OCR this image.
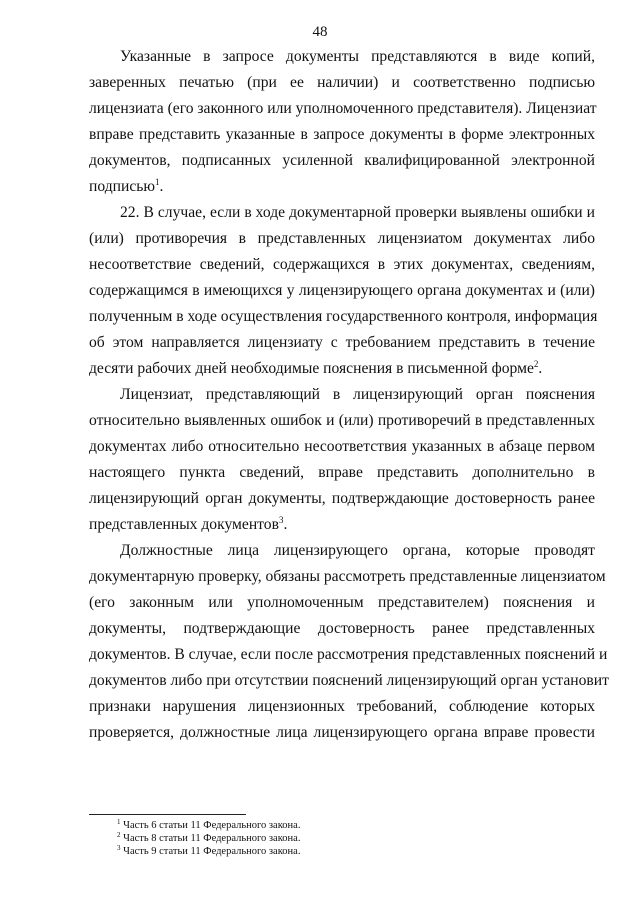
48
Указанные в запросе документы представляются в виде копий,
заверенных печатью (при ее наличии) и соответственно подписью
лицензиата (его законного или уполномоченного представителя). Лицензиат
вправе представить указанные в запросе документы в форме электронных
документов, подписанных усиленной квалифицированной электронной
подписью$^1$.
22. В случае, если в ходе документарной проверки выявлены ошибки и
(или) противоречия в представленных лицензиатом документах либо
несоответствие сведений, содержащихся в этих документах, сведениям,
содержащимся в имеющихся у лицензирующего органа документах и (или)
полученным в ходе осуществления государственного контроля, информация
об этом направляется лицензиату с требованием представить в течение
десяти рабочих дней необходимые пояснения в письменной форме$^2$.
Лицензиат, представляющий в лицензирующий орган пояснения
относительно выявленных ошибок и (или) противоречий в представленных
документах либо относительно несоответствия указанных в абзаце первом
настоящего пункта сведений, вправе представить дополнительно в
лицензирующий орган документы, подтверждающие достоверность ранее
представленных документов$^3$.
Должностные лица лицензирующего органа, которые проводят
документарную проверку, обязаны рассмотреть представленные лицензиатом
(его законным или уполномоченным представителем) пояснения и
документы, подтверждающие достоверность ранее представленных
документов. В случае, если после рассмотрения представленных пояснений и
документов либо при отсутствии пояснений лицензирующий орган установит
признаки нарушения лицензионных требований, соблюдение которых
проверяется, должностные лица лицензирующего органа вправе провести
$^1$ Часть 6 статьи 11 Федерального закона.
$^2$ Часть 8 статьи 11 Федерального закона.
$^3$ Часть 9 статьи 11 Федерального закона.
